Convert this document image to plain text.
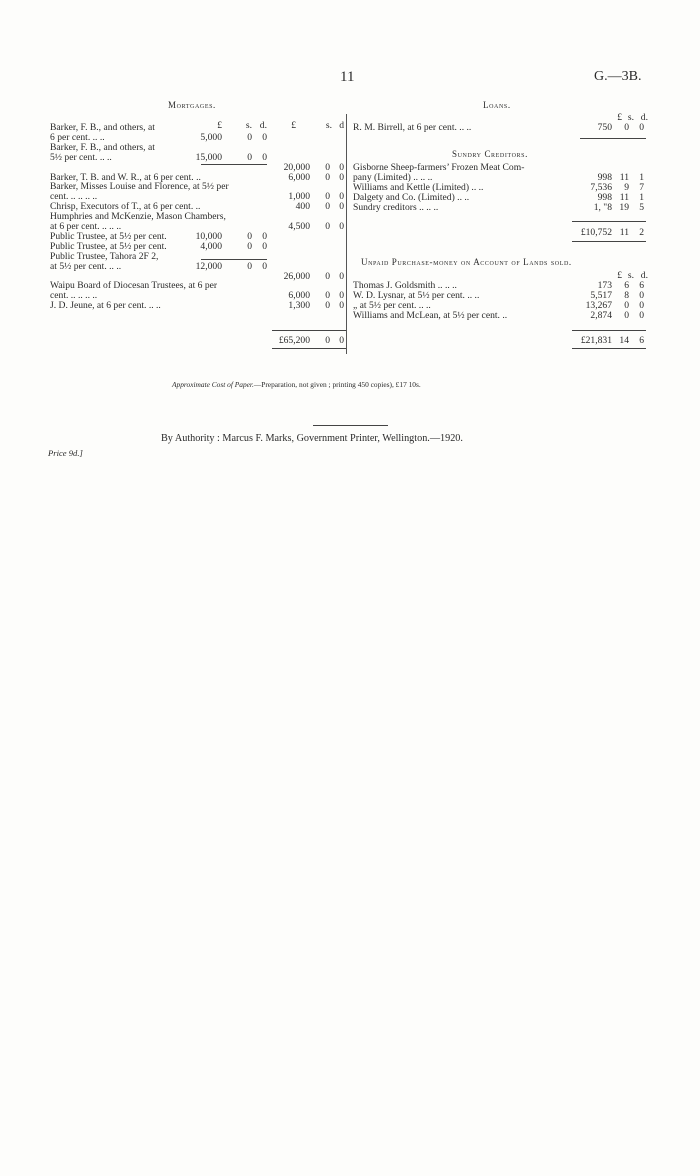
11	G.—3B.
Mortgages.
£	s. d.	£	s. d
Barker, F. B., and others, at
6 per cent. .. ..	5,000	0	0
Barker, F. B., and others, at
5½ per cent. .. ..	15,000	0	0
20,000	0 0
Barker, T. B. and W. R., at 6 per cent. ..	6,000	0 0
Barker, Misses Louise and Florence, at 5½ per
cent. .. .. .. ..	1,000	0 0
Chrisp, Executors of T., at 6 per cent. ..	400	0 0
Humphries and McKenzie, Mason Chambers,
at 6 per cent. .. .. ..	4,500	0 0
Public Trustee, at 5½ per cent.	10,000	0	0
Public Trustee, at 5½ per cent.	4,000	0	0
Public Trustee, Tahora 2F 2,
at 5½ per cent. .. ..	12,000	0	0
26,000	0 0
Waipu Board of Diocesan Trustees, at 6 per
cent. .. .. .. ..	6,000	0 0
J. D. Jeune, at 6 per cent. .. ..	1,300	0 0
£65,200	0 0
Loans.
£ s. d.
R. M. Birrell, at 6 per cent. .. ..	750	0	0
Sundry Creditors.
Gisborne Sheep-farmers’ Frozen Meat Com-
pany (Limited) .. .. ..	998 11	1
Williams and Kettle (Limited) .. ..	7,536	9	7
Dalgety and Co. (Limited) .. ..	998 11	1
Sundry creditors .. .. ..	1, "8 19	5
£10,752 11	2
Unpaid Purchase-money on Account of Lands sold.
£ s. d.
Thomas J. Goldsmith .. .. ..	173	6	6
W. D. Lysnar, at 5½ per cent. .. ..	5,517	8	0
„ at 5½ per cent. .. ..	13,267	0	0
Williams and McLean, at 5½ per cent. ..	2,874	0	0
£21,831 14	6
Approximate Cost of Paper.—Preparation, not given ; printing 450 copies), £17 10s.
By Authority : Marcus F. Marks, Government Printer, Wellington.—1920.
Price 9d.]
